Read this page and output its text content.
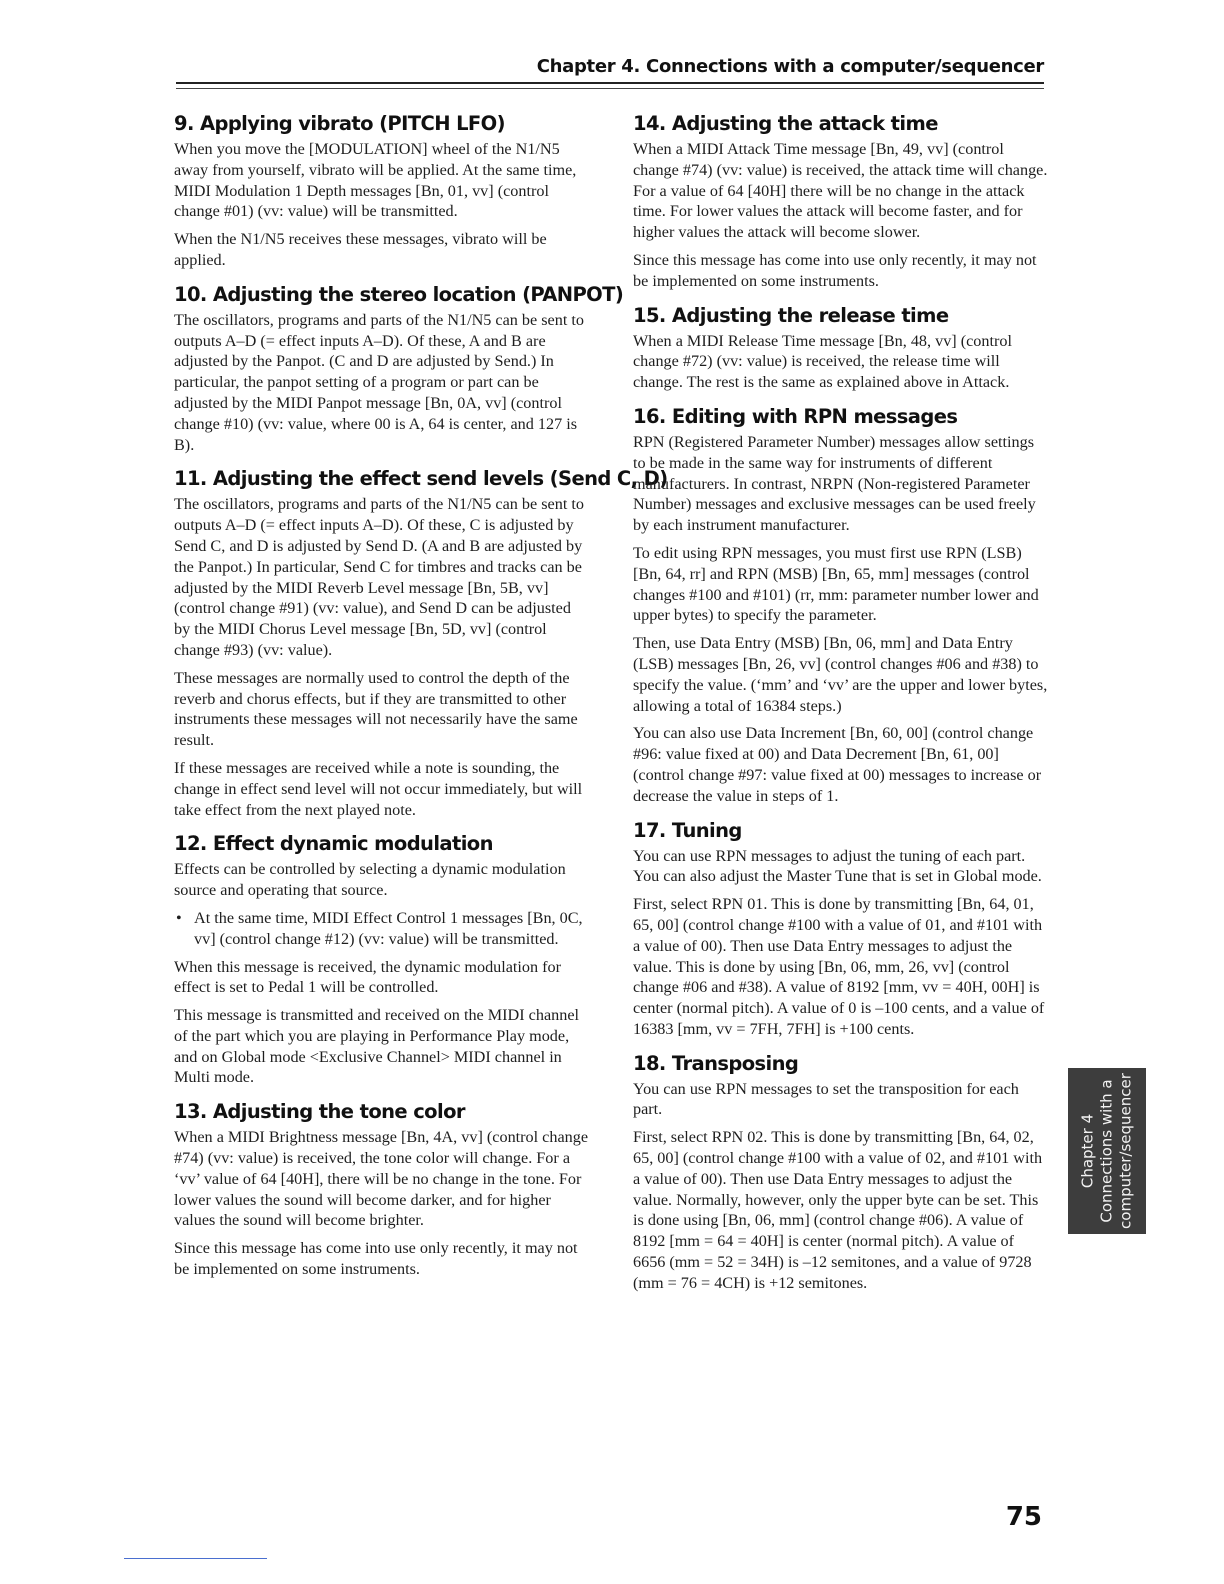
Chapter 4. Connections with a computer/sequencer
9. Applying vibrato (PITCH LFO)

When you move the [MODULATION] wheel of the N1/N5 away from yourself, vibrato will be applied. At the same time, MIDI Modulation 1 Depth messages [Bn, 01, vv] (control change #01) (vv: value) will be transmitted.

When the N1/N5 receives these messages, vibrato will be applied.

10. Adjusting the stereo location (PANPOT)

The oscillators, programs and parts of the N1/N5 can be sent to outputs A–D (= effect inputs A–D). Of these, A and B are adjusted by the Panpot. (C and D are adjusted by Send.) In particular, the panpot setting of a program or part can be adjusted by the MIDI Panpot message [Bn, 0A, vv] (control change #10) (vv: value, where 00 is A, 64 is center, and 127 is B).

11. Adjusting the effect send levels (Send C, D)

The oscillators, programs and parts of the N1/N5 can be sent to outputs A–D (= effect inputs A–D). Of these, C is adjusted by Send C, and D is adjusted by Send D. (A and B are adjusted by the Panpot.) In particular, Send C for timbres and tracks can be adjusted by the MIDI Reverb Level message [Bn, 5B, vv] (control change #91) (vv: value), and Send D can be adjusted by the MIDI Chorus Level message [Bn, 5D, vv] (control change #93) (vv: value).

These messages are normally used to control the depth of the reverb and chorus effects, but if they are transmitted to other instruments these messages will not necessarily have the same result.

If these messages are received while a note is sounding, the change in effect send level will not occur immediately, but will take effect from the next played note.

12. Effect dynamic modulation

Effects can be controlled by selecting a dynamic modulation source and operating that source.

• At the same time, MIDI Effect Control 1 messages [Bn, 0C, vv] (control change #12) (vv: value) will be transmitted.

When this message is received, the dynamic modulation for effect is set to Pedal 1 will be controlled.

This message is transmitted and received on the MIDI channel of the part which you are playing in Performance Play mode, and on Global mode <Exclusive Channel> MIDI channel in Multi mode.

13. Adjusting the tone color

When a MIDI Brightness message [Bn, 4A, vv] (control change #74) (vv: value) is received, the tone color will change. For a ‘vv’ value of 64 [40H], there will be no change in the tone. For lower values the sound will become darker, and for higher values the sound will become brighter.

Since this message has come into use only recently, it may not be implemented on some instruments.

14. Adjusting the attack time

When a MIDI Attack Time message [Bn, 49, vv] (control change #74) (vv: value) is received, the attack time will change. For a value of 64 [40H] there will be no change in the attack time. For lower values the attack will become faster, and for higher values the attack will become slower.

Since this message has come into use only recently, it may not be implemented on some instruments.

15. Adjusting the release time

When a MIDI Release Time message [Bn, 48, vv] (control change #72) (vv: value) is received, the release time will change. The rest is the same as explained above in Attack.

16. Editing with RPN messages

RPN (Registered Parameter Number) messages allow settings to be made in the same way for instruments of different manufacturers. In contrast, NRPN (Non-registered Parameter Number) messages and exclusive messages can be used freely by each instrument manufacturer.

To edit using RPN messages, you must first use RPN (LSB) [Bn, 64, rr] and RPN (MSB) [Bn, 65, mm] messages (control changes #100 and #101) (rr, mm: parameter number lower and upper bytes) to specify the parameter.

Then, use Data Entry (MSB) [Bn, 06, mm] and Data Entry (LSB) messages [Bn, 26, vv] (control changes #06 and #38) to specify the value. (‘mm’ and ‘vv’ are the upper and lower bytes, allowing a total of 16384 steps.)

You can also use Data Increment [Bn, 60, 00] (control change #96: value fixed at 00) and Data Decrement [Bn, 61, 00] (control change #97: value fixed at 00) messages to increase or decrease the value in steps of 1.

17. Tuning

You can use RPN messages to adjust the tuning of each part. You can also adjust the Master Tune that is set in Global mode.

First, select RPN 01. This is done by transmitting [Bn, 64, 01, 65, 00] (control change #100 with a value of 01, and #101 with a value of 00). Then use Data Entry messages to adjust the value. This is done by using [Bn, 06, mm, 26, vv] (control change #06 and #38). A value of 8192 [mm, vv = 40H, 00H] is center (normal pitch). A value of 0 is –100 cents, and a value of 16383 [mm, vv = 7FH, 7FH] is +100 cents.

18. Transposing

You can use RPN messages to set the transposition for each part.

First, select RPN 02. This is done by transmitting [Bn, 64, 02, 65, 00] (control change #100 with a value of 02, and #101 with a value of 00). Then use Data Entry messages to adjust the value. Normally, however, only the upper byte can be set. This is done using [Bn, 06, mm] (control change #06). A value of 8192 [mm = 64 = 40H] is center (normal pitch). A value of 6656 (mm = 52 = 34H) is –12 semitones, and a value of 9728 (mm = 76 = 4CH) is +12 semitones.

Chapter 4 Connections with a computer/sequencer
75
